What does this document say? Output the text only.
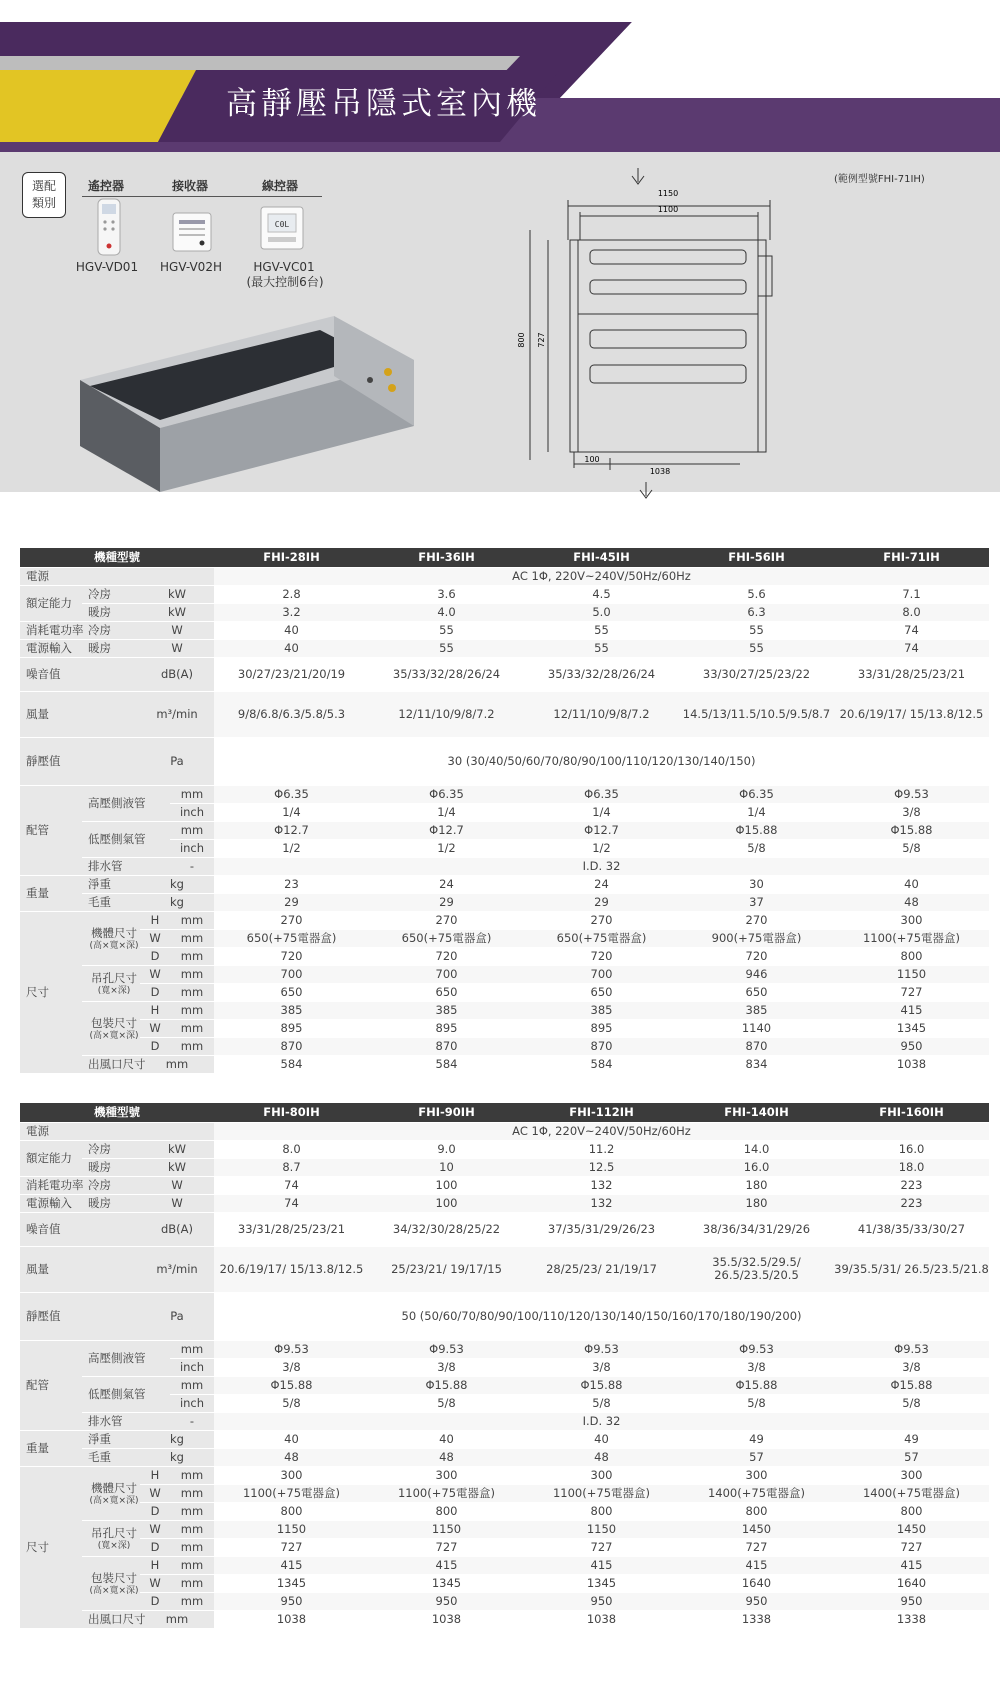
高靜壓吊隱式室內機
選配
類別
遙控器	接收器	線控器
C0L
HGV-VD01	HGV-V02H	HGV-VC01
(最大控制6台)
(範例型號FHI-71IH)
1150
1100
800 727
100
1038
機種型號				FHI-28IH	FHI-36IH	FHI-45IH	FHI-56IH	FHI-71IH
電源				AC 1Φ, 220V~240V/50Hz/60Hz				
額定能力	冷房	kW		2.8	3.6	4.5	5.6	7.1
	暖房	kW		3.2	4.0	5.0	6.3	8.0
消耗電功率	冷房	W		40	55	55	55	74
電源輸入	暖房	W		40	55	55	55	74
噪音值		dB(A)		30/27/23/21/20/19	35/33/32/28/26/24	35/33/32/28/26/24	33/30/27/25/23/22	33/31/28/25/23/21
風量		m³/min		9/8/6.8/6.3/5.8/5.3	12/11/10/9/8/7.2	12/11/10/9/8/7.2	14.5/13/11.5/10.5/9.5/8.7	20.6/19/17/ 15/13.8/12.5
靜壓值		Pa		30 (30/40/50/60/70/80/90/100/110/120/130/140/150)				
配管	高壓側液管		mm	Φ6.35	Φ6.35	Φ6.35	Φ6.35	Φ9.53
			inch	1/4	1/4	1/4	1/4	3/8
	低壓側氣管		mm	Φ12.7	Φ12.7	Φ12.7	Φ15.88	Φ15.88
			inch	1/2	1/2	1/2	5/8	5/8
	排水管		-	I.D. 32				
重量	淨重	kg		23	24	24	30	40
	毛重	kg		29	29	29	37	48
尺寸	機體尺寸
(高×寬×深)	H	mm	270	270	270	270	300
		W	mm	650(+75電器盒)	650(+75電器盒)	650(+75電器盒)	900(+75電器盒)	1100(+75電器盒)
		D	mm	720	720	720	720	800
	吊孔尺寸
(寬×深)	W	mm	700	700	700	946	1150
		D	mm	650	650	650	650	727
	包裝尺寸
(高×寬×深)	H	mm	385	385	385	385	415
		W	mm	895	895	895	1140	1345
		D	mm	870	870	870	870	950
	出風口尺寸	mm		584	584	584	834	1038
機種型號				FHI-80IH	FHI-90IH	FHI-112IH	FHI-140IH	FHI-160IH
電源				AC 1Φ, 220V~240V/50Hz/60Hz				
額定能力	冷房	kW		8.0	9.0	11.2	14.0	16.0
	暖房	kW		8.7	10	12.5	16.0	18.0
消耗電功率	冷房	W		74	100	132	180	223
電源輸入	暖房	W		74	100	132	180	223
噪音值		dB(A)		33/31/28/25/23/21	34/32/30/28/25/22	37/35/31/29/26/23	38/36/34/31/29/26	41/38/35/33/30/27
風量		m³/min		20.6/19/17/ 15/13.8/12.5	25/23/21/ 19/17/15	28/25/23/ 21/19/17	35.5/32.5/29.5/ 26.5/23.5/20.5	39/35.5/31/ 26.5/23.5/21.8
靜壓值		Pa		50 (50/60/70/80/90/100/110/120/130/140/150/160/170/180/190/200)				
配管	高壓側液管		mm	Φ9.53	Φ9.53	Φ9.53	Φ9.53	Φ9.53
			inch	3/8	3/8	3/8	3/8	3/8
	低壓側氣管		mm	Φ15.88	Φ15.88	Φ15.88	Φ15.88	Φ15.88
			inch	5/8	5/8	5/8	5/8	5/8
	排水管		-	I.D. 32				
重量	淨重	kg		40	40	40	49	49
	毛重	kg		48	48	48	57	57
尺寸	機體尺寸
(高×寬×深)	H	mm	300	300	300	300	300
		W	mm	1100(+75電器盒)	1100(+75電器盒)	1100(+75電器盒)	1400(+75電器盒)	1400(+75電器盒)
		D	mm	800	800	800	800	800
	吊孔尺寸
(寬×深)	W	mm	1150	1150	1150	1450	1450
		D	mm	727	727	727	727	727
	包裝尺寸
(高×寬×深)	H	mm	415	415	415	415	415
		W	mm	1345	1345	1345	1640	1640
		D	mm	950	950	950	950	950
	出風口尺寸	mm		1038	1038	1038	1338	1338
